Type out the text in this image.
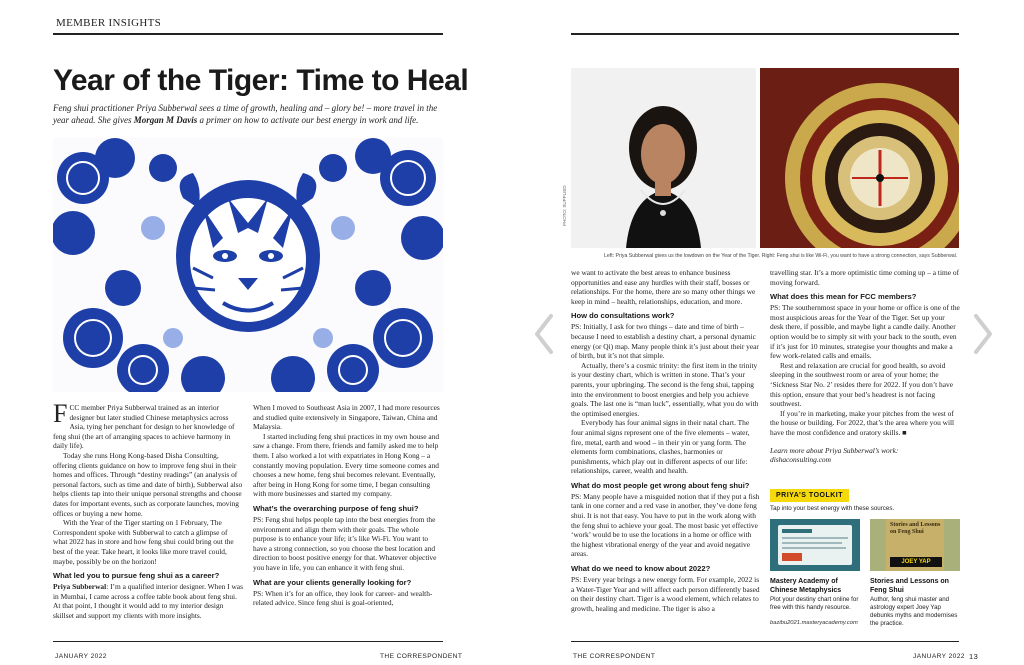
MEMBER INSIGHTS
Year of the Tiger: Time to Heal
Feng shui practitioner Priya Subberwal sees a time of growth, healing and – glory be! – more travel in the year ahead. She gives Morgan M Davis a primer on how to activate our best energy in work and life.

FCC member Priya Subberwal trained as an interior designer but later studied Chinese metaphysics across Asia, tying her penchant for design to her knowledge of feng shui (the art of arranging spaces to achieve harmony in daily life).

Today she runs Hong Kong-based Disha Consulting, offering clients guidance on how to improve feng shui in their homes and offices. Through “destiny readings” (an analysis of personal factors, such as time and date of birth), Subberwal also helps clients tap into their unique personal strengths and choose dates for important events, such as corporate launches, moving offices or buying a new home.

With the Year of the Tiger starting on 1 February, The Correspondent spoke with Subberwal to catch a glimpse of what 2022 has in store and how feng shui could bring out the best of the year. Take heart, it looks like more travel could, maybe, possibly be on the horizon!

What led you to pursue feng shui as a career?

Priya Subberwal: I’m a qualified interior designer. When I was in Mumbai, I came across a coffee table book about feng shui. At that point, I thought it would add to my interior design skillset and support my clients with more insights.

When I moved to Southeast Asia in 2007, I had more resources and studied quite extensively in Singapore, Taiwan, China and Malaysia.

I started including feng shui practices in my own house and saw a change. From there, friends and family asked me to help them. I also worked a lot with expatriates in Hong Kong – a constantly moving population. Every time someone comes and chooses a new home, feng shui becomes relevant. Eventually, after being in Hong Kong for some time, I began consulting with more businesses and started my company.

What’s the overarching purpose of feng shui?

PS: Feng shui helps people tap into the best energies from the environment and align them with their goals. The whole purpose is to enhance your life; it’s like Wi-Fi. You want to have a strong connection, so you choose the best location and direction to boost positive energy for that. Whatever objective you have in life, you can enhance it with feng shui.

What are your clients generally looking for?

PS: When it’s for an office, they look for career- and wealth-related advice. Since feng shui is goal-oriented,

JANUARY 2022	THE CORRESPONDENT
PHOTO: SUPPLIED
Left: Priya Subberwal gives us the lowdown on the Year of the Tiger. Right: Feng shui is like Wi-Fi, you want to have a strong connection, says Subberwal.

we want to activate the best areas to enhance business opportunities and ease any hurdles with their staff, bosses or relationships. For the home, there are so many other things we keep in mind – health, relationships, education, and more.

How do consultations work?

PS: Initially, I ask for two things – date and time of birth – because I need to establish a destiny chart, a personal dynamic energy (or Qi) map. Many people think it’s just about their year of birth, but it’s not that simple.

Actually, there’s a cosmic trinity: the first item in the trinity is your destiny chart, which is written in stone. That’s your parents, your upbringing. The second is the feng shui, tapping into the environment to boost energies and help you achieve goals. The last one is “man luck”, essentially, what you do with the optimised energies.

Everybody has four animal signs in their natal chart. The four animal signs represent one of the five elements – water, fire, metal, earth and wood – in their yin or yang form. The elements form combinations, clashes, harmonies or punishments, which play out in different aspects of our life: relationships, career, wealth and health.

What do most people get wrong about feng shui?

PS: Many people have a misguided notion that if they put a fish tank in one corner and a red vase in another, they’ve done feng shui. It is not that easy. You have to put in the work along with the feng shui to achieve your goal. The most basic yet effective ‘work’ would be to use the locations in a home or office with the highest vibrational energy of the year and avoid negative areas.

What do we need to know about 2022?

PS: Every year brings a new energy form. For example, 2022 is a Water-Tiger Year and will affect each person differently based on their destiny chart. Tiger is a wood element, which relates to growth, healing and medicine. The tiger is also a

travelling star. It’s a more optimistic time coming up – a time of moving forward.

What does this mean for FCC members?

PS: The southernmost space in your home or office is one of the most auspicious areas for the Year of the Tiger. Set up your desk there, if possible, and maybe light a candle daily. Another option would be to simply sit with your back to the south, even if it’s just for 10 minutes, strategise your thoughts and make a few work-related calls and emails.

Rest and relaxation are crucial for good health, so avoid sleeping in the southwest room or area of your home; the ‘Sickness Star No. 2’ resides there for 2022. If you don’t have this option, ensure that your bed’s headrest is not facing southwest.

If you’re in marketing, make your pitches from the west of the house or building. For 2022, that’s the area where you will have the most confidence and oratory skills. ■

Learn more about Priya Subberwal’s work: dishaconsulting.com

PRIYA’S TOOLKIT
Tap into your best energy with these sources.
Stories and Lessons on Feng Shui
JOEY YAP
Mastery Academy of Chinese Metaphysics
Plot your destiny chart online for free with this handy resource.
bazibu2021.masteryacademy.com
Stories and Lessons on Feng Shui
Author, feng shui master and astrology expert Joey Yap debunks myths and modernises the practice.
THE CORRESPONDENT	JANUARY 2022 13
